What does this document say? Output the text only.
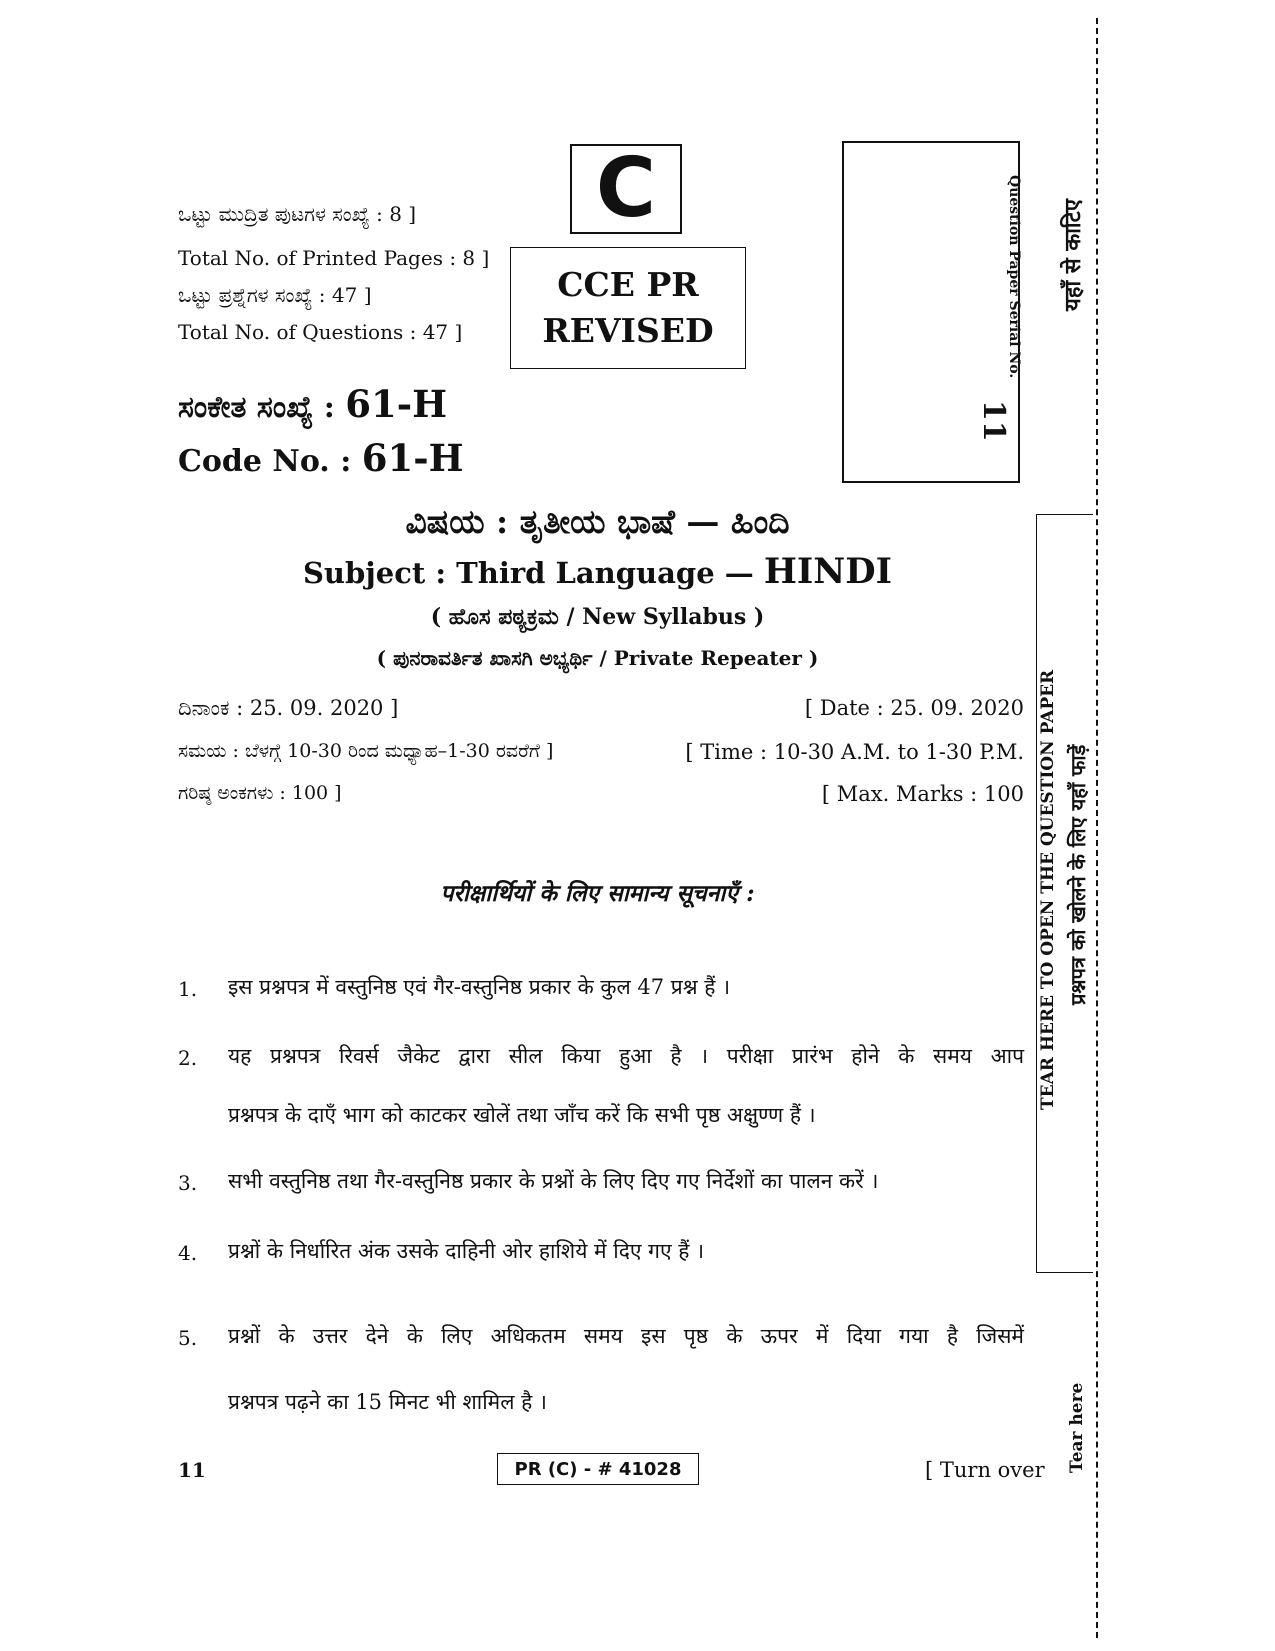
ಒಟ್ಟು ಮುದ್ರಿತ ಪುಟಗಳ ಸಂಖ್ಯೆ : 8 ]
Total No. of Printed Pages : 8 ]
ಒಟ್ಟು ಪ್ರಶ್ನೆಗಳ ಸಂಖ್ಯೆ : 47 ]
Total No. of Questions : 47 ]
C
CCE PR
REVISED	Question Paper Serial No.
11
ಸಂಕೇತ ಸಂಖ್ಯೆ : 61-H
Code No. : 61-H
ವಿಷಯ : ತೃತೀಯ ಭಾಷೆ — ಹಿಂದಿ
Subject : Third Language — HINDI
( ಹೊಸ ಪಠ್ಯಕ್ರಮ / New Syllabus )
( ಪುನರಾವರ್ತಿತ ಖಾಸಗಿ ಅಭ್ಯರ್ಥಿ / Private Repeater )
ದಿನಾಂಕ : 25. 09. 2020 ]	[ Date : 25. 09. 2020
ಸಮಯ : ಬೆಳಗ್ಗೆ 10-30 ರಿಂದ ಮಧ್ಯಾಹ–1-30 ರವರೆಗೆ ]	[ Time : 10-30 A.M. to 1-30 P.M.
ಗರಿಷ್ಠ ಅಂಕಗಳು : 100 ]	[ Max. Marks : 100
परीक्षार्थियों के लिए सामान्य सूचनाएँ :
1.	इस प्रश्नपत्र में वस्तुनिष्ठ एवं गैर-वस्तुनिष्ठ प्रकार के कुल 47 प्रश्न हैं ।
2.	यह प्रश्नपत्र रिवर्स जैकेट द्वारा सील किया हुआ है । परीक्षा प्रारंभ होने के समय आप
प्रश्नपत्र के दाएँ भाग को काटकर खोलें तथा जाँच करें कि सभी पृष्ठ अक्षुण्ण हैं ।
3.	सभी वस्तुनिष्ठ तथा गैर-वस्तुनिष्ठ प्रकार के प्रश्नों के लिए दिए गए निर्देशों का पालन करें ।
4.	प्रश्नों के निर्धारित अंक उसके दाहिनी ओर हाशिये में दिए गए हैं ।
5.	प्रश्नों के उत्तर देने के लिए अधिकतम समय इस पृष्ठ के ऊपर में दिया गया है जिसमें
प्रश्नपत्र पढ़ने का 15 मिनट भी शामिल है ।
यहाँ से काटिए
TEAR HERE TO OPEN THE QUESTION PAPER प्रश्नपत्र को खोलने के लिए यहाँ फाड़ें
Tear here
11	PR (C) - # 41028	[ Turn over
